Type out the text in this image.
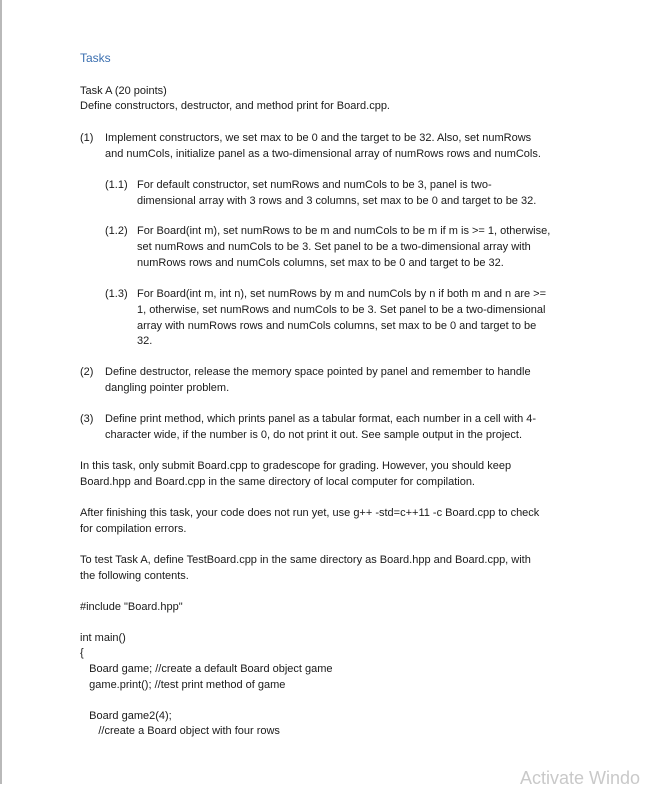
Tasks
Task A (20 points)
Define constructors, destructor, and method print for Board.cpp.
(1) Implement constructors, we set max to be 0 and the target to be 32. Also, set numRows
and numCols, initialize panel as a two-dimensional array of numRows rows and numCols.
(1.1) For default constructor, set numRows and numCols to be 3, panel is two-
dimensional array with 3 rows and 3 columns, set max to be 0 and target to be 32.
(1.2) For Board(int m), set numRows to be m and numCols to be m if m is >= 1, otherwise,
set numRows and numCols to be 3. Set panel to be a two-dimensional array with
numRows rows and numCols columns, set max to be 0 and target to be 32.
(1.3) For Board(int m, int n), set numRows by m and numCols by n if both m and n are >=
1, otherwise, set numRows and numCols to be 3. Set panel to be a two-dimensional
array with numRows rows and numCols columns, set max to be 0 and target to be
32.
(2) Define destructor, release the memory space pointed by panel and remember to handle
dangling pointer problem.
(3) Define print method, which prints panel as a tabular format, each number in a cell with 4-
character wide, if the number is 0, do not print it out. See sample output in the project.
In this task, only submit Board.cpp to gradescope for grading. However, you should keep
Board.hpp and Board.cpp in the same directory of local computer for compilation.
After finishing this task, your code does not run yet, use g++ -std=c++11 -c Board.cpp to check
for compilation errors.
To test Task A, define TestBoard.cpp in the same directory as Board.hpp and Board.cpp, with
the following contents.
#include "Board.hpp"
int main()
{
Board game; //create a default Board object game
game.print(); //test print method of game
Board game2(4);
//create a Board object with four rows
Activate Windo
